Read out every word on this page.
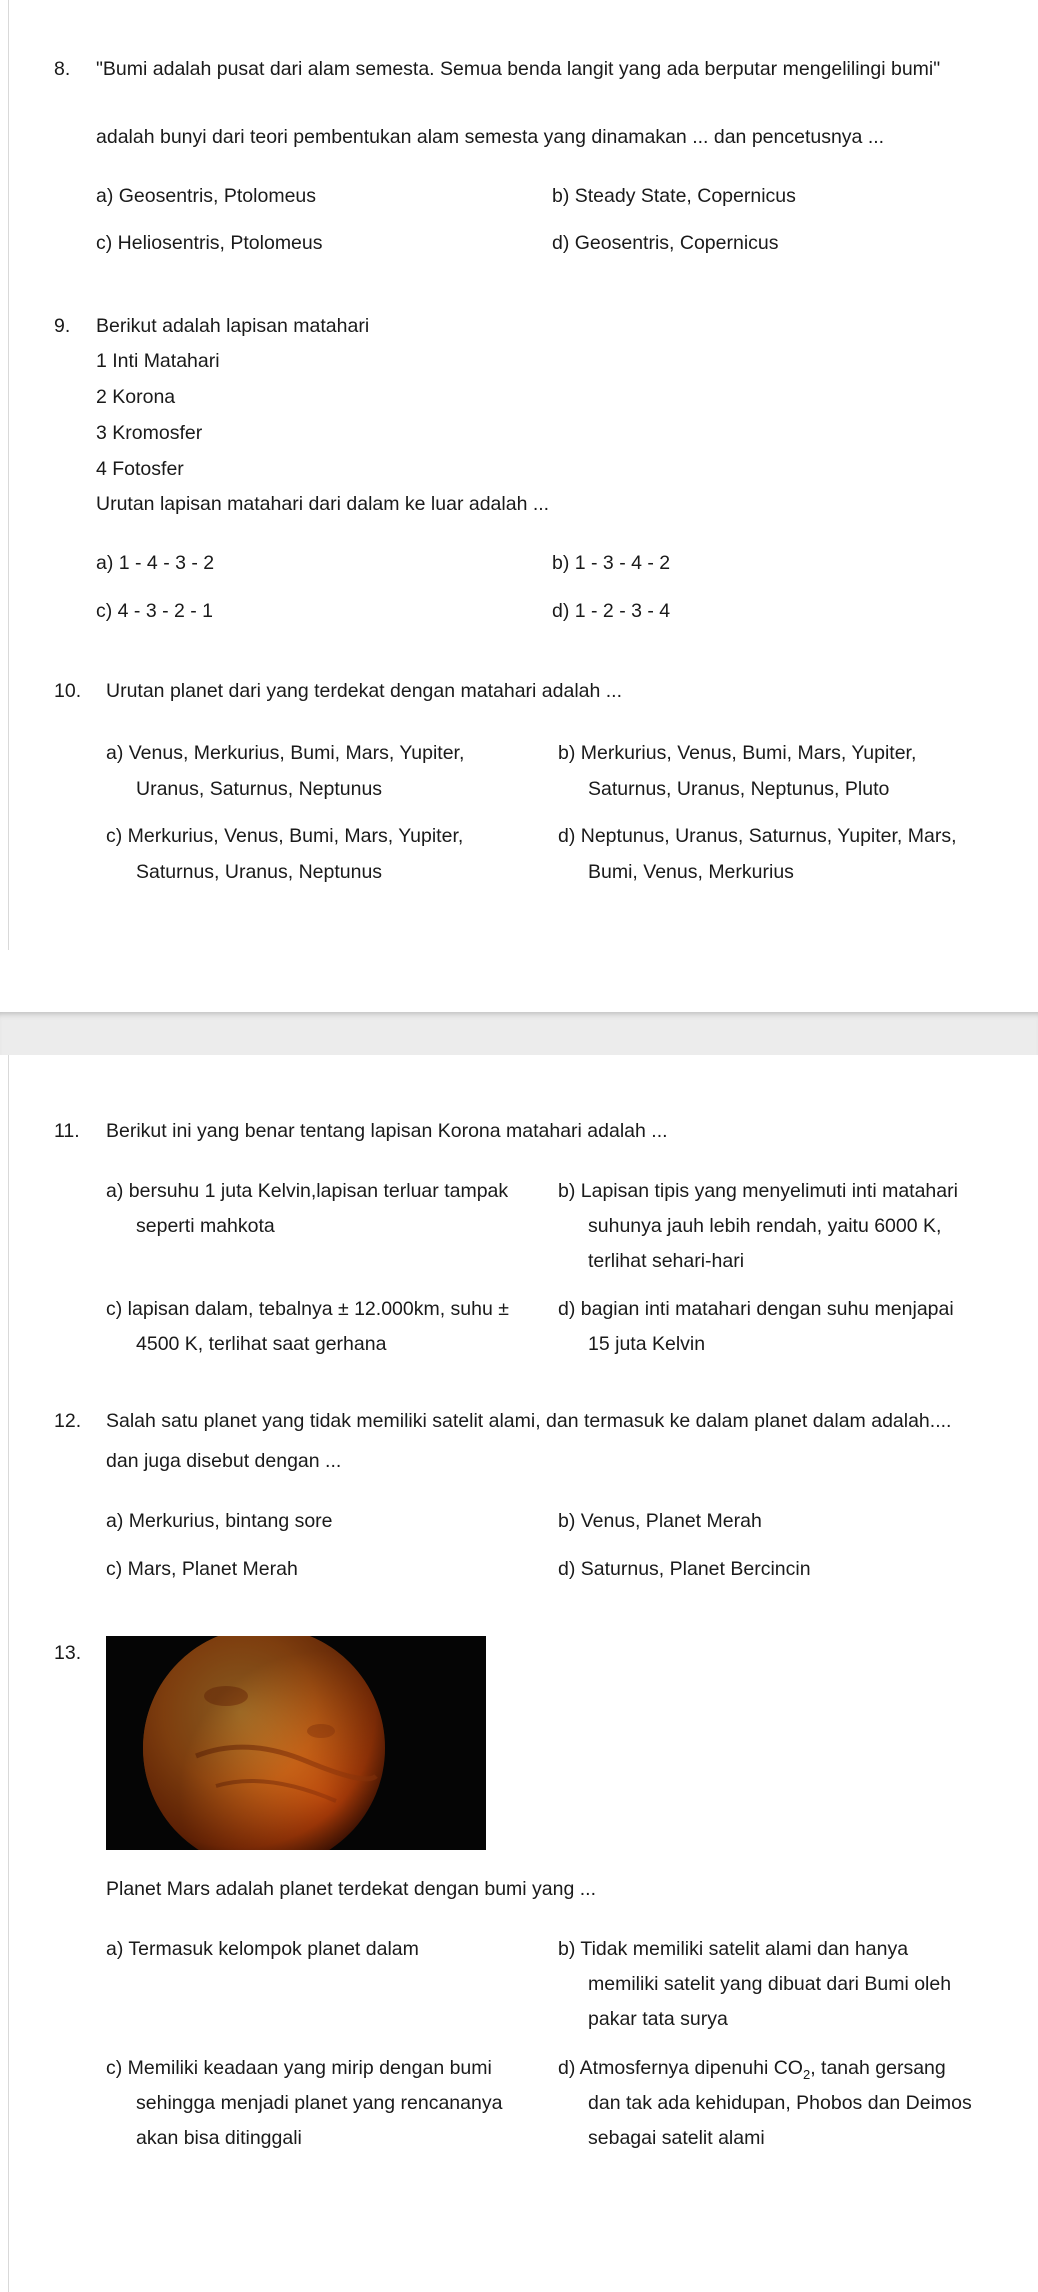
8. "Bumi adalah pusat dari alam semesta. Semua benda langit yang ada berputar mengelilingi bumi"
adalah bunyi dari teori pembentukan alam semesta yang dinamakan ... dan pencetusnya ...
a) Geosentris, Ptolomeus	b) Steady State, Copernicus
c) Heliosentris, Ptolomeus	d) Geosentris, Copernicus
9. Berikut adalah lapisan matahari
1 Inti Matahari
2 Korona
3 Kromosfer
4 Fotosfer
Urutan lapisan matahari dari dalam ke luar adalah ...
a) 1 - 4 - 3 - 2	b) 1 - 3 - 4 - 2
c) 4 - 3 - 2 - 1	d) 1 - 2 - 3 - 4
10. Urutan planet dari yang terdekat dengan matahari adalah ...
a) Venus, Merkurius, Bumi, Mars, Yupiter,
Uranus, Saturnus, Neptunus
b) Merkurius, Venus, Bumi, Mars, Yupiter,
Saturnus, Uranus, Neptunus, Pluto
c) Merkurius, Venus, Bumi, Mars, Yupiter,
Saturnus, Uranus, Neptunus
d) Neptunus, Uranus, Saturnus, Yupiter, Mars,
Bumi, Venus, Merkurius
11. Berikut ini yang benar tentang lapisan Korona matahari adalah ...
a) bersuhu 1 juta Kelvin,lapisan terluar tampak
seperti mahkota
b) Lapisan tipis yang menyelimuti inti matahari
suhunya jauh lebih rendah, yaitu 6000 K,
terlihat sehari-hari
c) lapisan dalam, tebalnya ± 12.000km, suhu ±
4500 K, terlihat saat gerhana
d) bagian inti matahari dengan suhu menjapai
15 juta Kelvin
12. Salah satu planet yang tidak memiliki satelit alami, dan termasuk ke dalam planet dalam adalah....
dan juga disebut dengan ...
a) Merkurius, bintang sore	b) Venus, Planet Merah
c) Mars, Planet Merah	d) Saturnus, Planet Bercincin
13.
Planet Mars adalah planet terdekat dengan bumi yang ...
a) Termasuk kelompok planet dalam	b) Tidak memiliki satelit alami dan hanya
memiliki satelit yang dibuat dari Bumi oleh
pakar tata surya
c) Memiliki keadaan yang mirip dengan bumi
sehingga menjadi planet yang rencananya
akan bisa ditinggali
d) Atmosfernya dipenuhi $CO_2$, tanah gersang
dan tak ada kehidupan, Phobos dan Deimos
sebagai satelit alami
